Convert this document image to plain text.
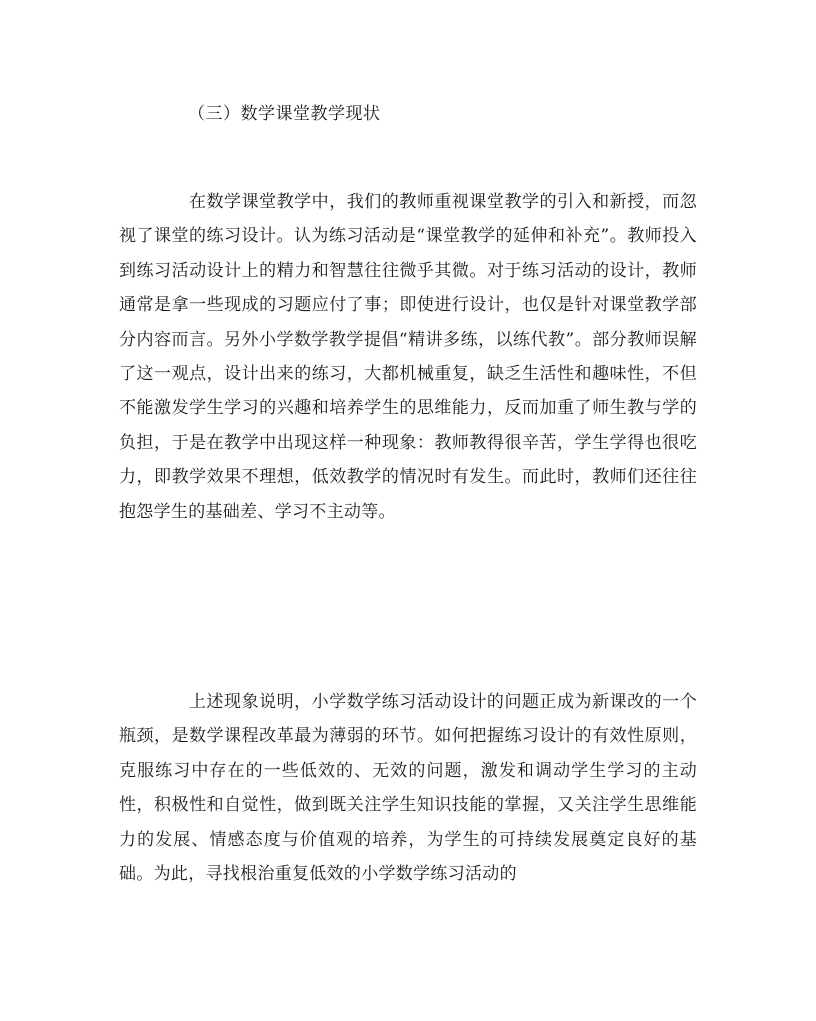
（三）数学课堂教学现状

在数学课堂教学中，我们的教师重视课堂教学的引入和新授，而忽视了课堂的练习设计。认为练习活动是“课堂教学的延伸和补充”。教师投入到练习活动设计上的精力和智慧往往微乎其微。对于练习活动的设计，教师通常是拿一些现成的习题应付了事；即使进行设计，也仅是针对课堂教学部分内容而言。另外小学数学教学提倡“精讲多练，以练代教”。部分教师误解了这一观点，设计出来的练习，大都机械重复，缺乏生活性和趣味性，不但不能激发学生学习的兴趣和培养学生的思维能力，反而加重了师生教与学的负担，于是在教学中出现这样一种现象：教师教得很辛苦，学生学得也很吃力，即教学效果不理想，低效教学的情况时有发生。而此时，教师们还往往抱怨学生的基础差、学习不主动等。

上述现象说明，小学数学练习活动设计的问题正成为新课改的一个瓶颈，是数学课程改革最为薄弱的环节。如何把握练习设计的有效性原则，克服练习中存在的一些低效的、无效的问题，激发和调动学生学习的主动性，积极性和自觉性，做到既关注学生知识技能的掌握，又关注学生思维能力的发展、情感态度与价值观的培养，为学生的可持续发展奠定良好的基础。为此，寻找根治重复低效的小学数学练习活动的
